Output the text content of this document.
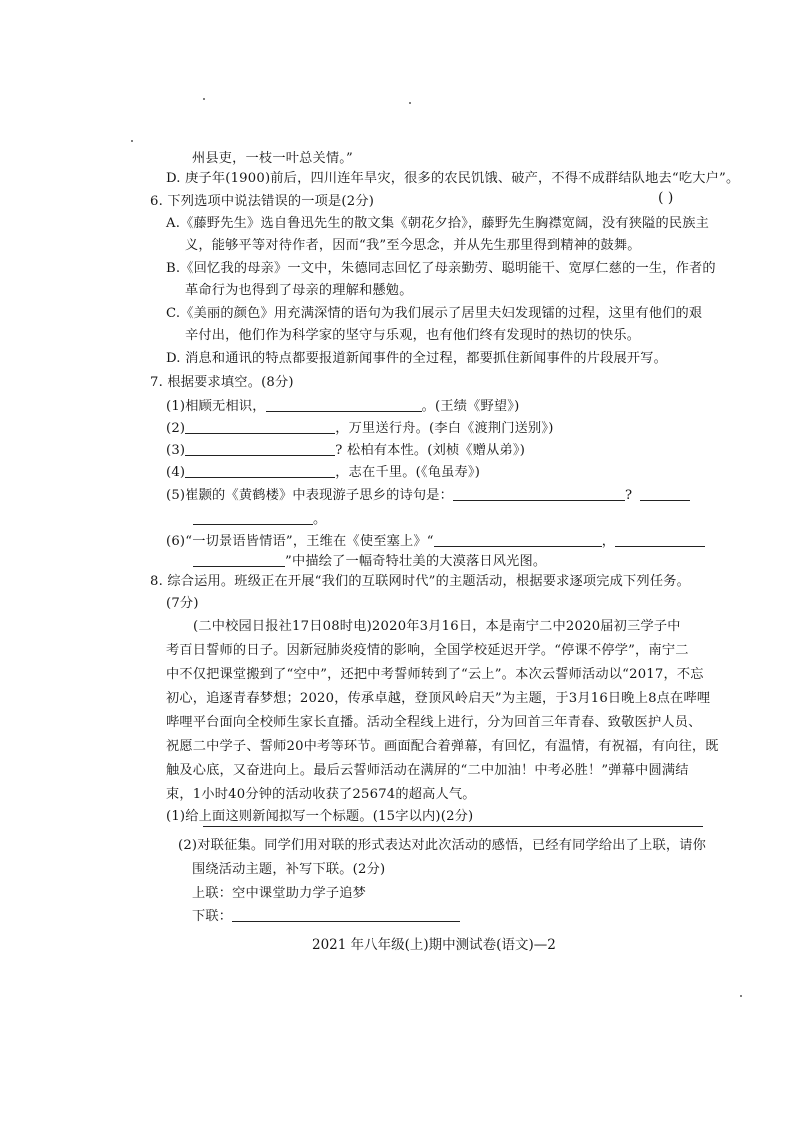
州县吏，一枝一叶总关情。”
D. 庚子年(1900)前后，四川连年旱灾，很多的农民饥饿、破产，不得不成群结队地去“吃大户”。
6. 下列选项中说法错误的一项是(2分)	( )
A.《藤野先生》选自鲁迅先生的散文集《朝花夕拾》，藤野先生胸襟宽阔，没有狭隘的民族主
义，能够平等对待作者，因而“我”至今思念，并从先生那里得到精神的鼓舞。
B.《回忆我的母亲》一文中，朱德同志回忆了母亲勤劳、聪明能干、宽厚仁慈的一生，作者的
革命行为也得到了母亲的理解和懸勉。
C.《美丽的颜色》用充满深情的语句为我们展示了居里夫妇发现镭的过程，这里有他们的艰
辛付出，他们作为科学家的坚守与乐观，也有他们终有发现时的热切的快乐。
D. 消息和通讯的特点都要报道新闻事件的全过程，都要抓住新闻事件的片段展开写。
7. 根据要求填空。(8分)
(1)相顾无相识，	。(王绩《野望》)
(2)	，万里送行舟。(李白《渡荆门送别》)
(3)	? 松柏有本性。(刘桢《赠从弟》)
(4)	，志在千里。(《龟虽寿》)
(5)崔颢的《黄鹤楼》中表现游子思乡的诗句是：	?
。
(6)“一切景语皆情语”，王维在《使至塞上》“	，
”中描绘了一幅奇特壮美的大漠落日风光图。
8. 综合运用。班级正在开展“我们的互联网时代”的主题活动，根据要求逐项完成下列任务。
(7分)
(二中校园日报社17日08时电)2020年3月16日，本是南宁二中2020届初三学子中
考百日誓师的日子。因新冠肺炎疫情的影响，全国学校延迟开学。“停课不停学”，南宁二
中不仅把课堂搬到了“空中”，还把中考誓师转到了“云上”。本次云誓师活动以“2017，不忘
初心，追逐青春梦想；2020，传承卓越，登顶风岭启天”为主题，于3月16日晚上8点在哔哩
哔哩平台面向全校师生家长直播。活动全程线上进行，分为回首三年青春、致敬医护人员、
祝愿二中学子、誓师20中考等环节。画面配合着弹幕，有回忆，有温情，有祝福，有向往，既
触及心底，又奋进向上。最后云誓师活动在满屏的“二中加油！中考必胜！”弹幕中圆满结
束，1小时40分钟的活动收获了25674的超高人气。
(1)给上面这则新闻拟写一个标题。(15字以内)(2分)
(2)对联征集。同学们用对联的形式表达对此次活动的感悟，已经有同学给出了上联，请你
围绕活动主题，补写下联。(2分)
上联：空中课堂助力学子追梦
下联：
2021 年八年级(上)期中测试卷(语文)—2
